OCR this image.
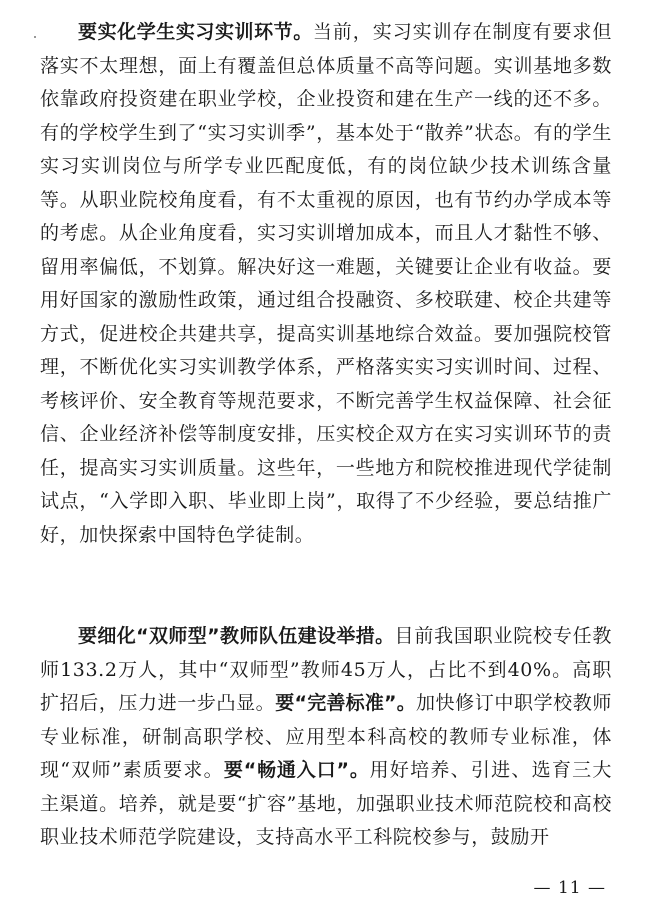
要实化学生实习实训环节。当前，实习实训存在制度有要求但落实不太理想，面上有覆盖但总体质量不高等问题。实训基地多数依靠政府投资建在职业学校，企业投资和建在生产一线的还不多。有的学校学生到了“实习实训季”，基本处于“散养”状态。有的学生实习实训岗位与所学专业匹配度低，有的岗位缺少技术训练含量等。从职业院校角度看，有不太重视的原因，也有节约办学成本等的考虑。从企业角度看，实习实训增加成本，而且人才黏性不够、留用率偏低，不划算。解决好这一难题，关键要让企业有收益。要用好国家的激励性政策，通过组合投融资、多校联建、校企共建等方式，促进校企共建共享，提高实训基地综合效益。要加强院校管理，不断优化实习实训教学体系，严格落实实习实训时间、过程、考核评价、安全教育等规范要求，不断完善学生权益保障、社会征信、企业经济补偿等制度安排，压实校企双方在实习实训环节的责任，提高实习实训质量。这些年，一些地方和院校推进现代学徒制试点，“入学即入职、毕业即上岗”，取得了不少经验，要总结推广好，加快探索中国特色学徒制。

要细化“双师型”教师队伍建设举措。目前我国职业院校专任教师133.2万人，其中“双师型”教师45万人，占比不到40%。高职扩招后，压力进一步凸显。要“完善标准”。加快修订中职学校教师专业标准，研制高职学校、应用型本科高校的教师专业标准，体现“双师”素质要求。要“畅通入口”。用好培养、引进、选育三大主渠道。培养，就是要“扩容”基地，加强职业技术师范院校和高校职业技术师范学院建设，支持高水平工科院校参与，鼓励开

— 11 —
